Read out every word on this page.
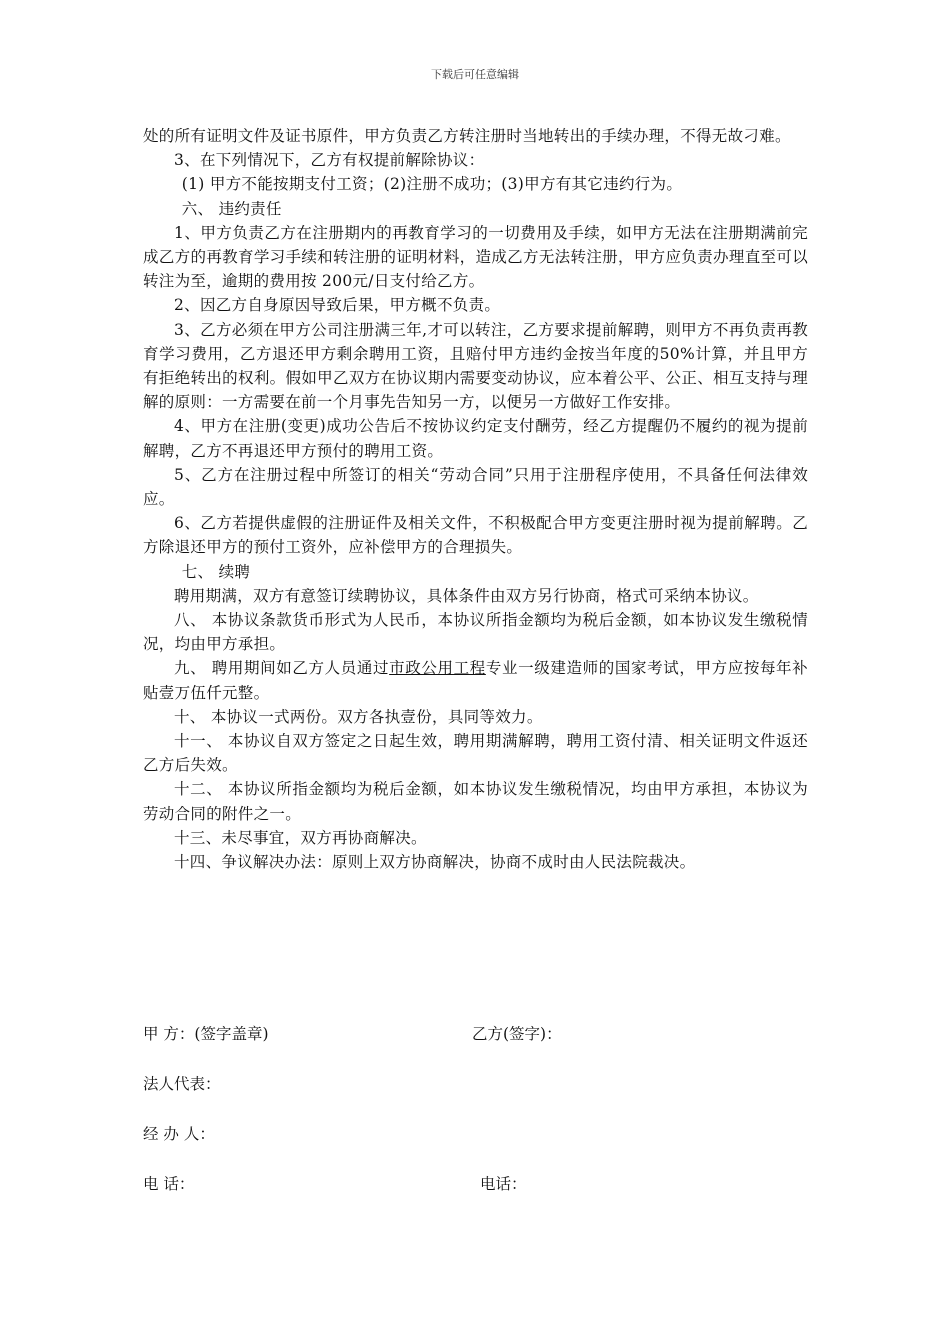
下载后可任意编辑

处的所有证明文件及证书原件，甲方负责乙方转注册时当地转出的手续办理，不得无故刁难。

3、在下列情况下，乙方有权提前解除协议：

(1) 甲方不能按期支付工资；(2)注册不成功；(3)甲方有其它违约行为。

六、 违约责任

1、甲方负责乙方在注册期内的再教育学习的一切费用及手续，如甲方无法在注册期满前完成乙方的再教育学习手续和转注册的证明材料，造成乙方无法转注册，甲方应负责办理直至可以转注为至，逾期的费用按 200元/日支付给乙方。

2、因乙方自身原因导致后果，甲方概不负责。

3、乙方必须在甲方公司注册满三年,才可以转注，乙方要求提前解聘，则甲方不再负责再教育学习费用，乙方退还甲方剩余聘用工资，且赔付甲方违约金按当年度的50%计算，并且甲方有拒绝转出的权利。假如甲乙双方在协议期内需要变动协议，应本着公平、公正、相互支持与理解的原则：一方需要在前一个月事先告知另一方，以便另一方做好工作安排。

4、甲方在注册(变更)成功公告后不按协议约定支付酬劳，经乙方提醒仍不履约的视为提前解聘，乙方不再退还甲方预付的聘用工资。

5、乙方在注册过程中所签订的相关“劳动合同”只用于注册程序使用，不具备任何法律效应。

6、乙方若提供虚假的注册证件及相关文件，不积极配合甲方变更注册时视为提前解聘。乙方除退还甲方的预付工资外，应补偿甲方的合理损失。

七、 续聘

聘用期满，双方有意签订续聘协议，具体条件由双方另行协商，格式可采纳本协议。

八、 本协议条款货币形式为人民币，本协议所指金额均为税后金额，如本协议发生缴税情况，均由甲方承担。

九、 聘用期间如乙方人员通过市政公用工程专业一级建造师的国家考试，甲方应按每年补贴壹万伍仟元整。

十、 本协议一式两份。双方各执壹份，具同等效力。

十一、 本协议自双方签定之日起生效，聘用期满解聘，聘用工资付清、相关证明文件返还乙方后失效。

十二、 本协议所指金额均为税后金额，如本协议发生缴税情况，均由甲方承担，本协议为劳动合同的附件之一。

十三、未尽事宜，双方再协商解决。

十四、争议解决办法：原则上双方协商解决，协商不成时由人民法院裁决。

甲 方：(签字盖章)	乙方(签字)：
法人代表：
经 办 人：
电 话：	电话：
